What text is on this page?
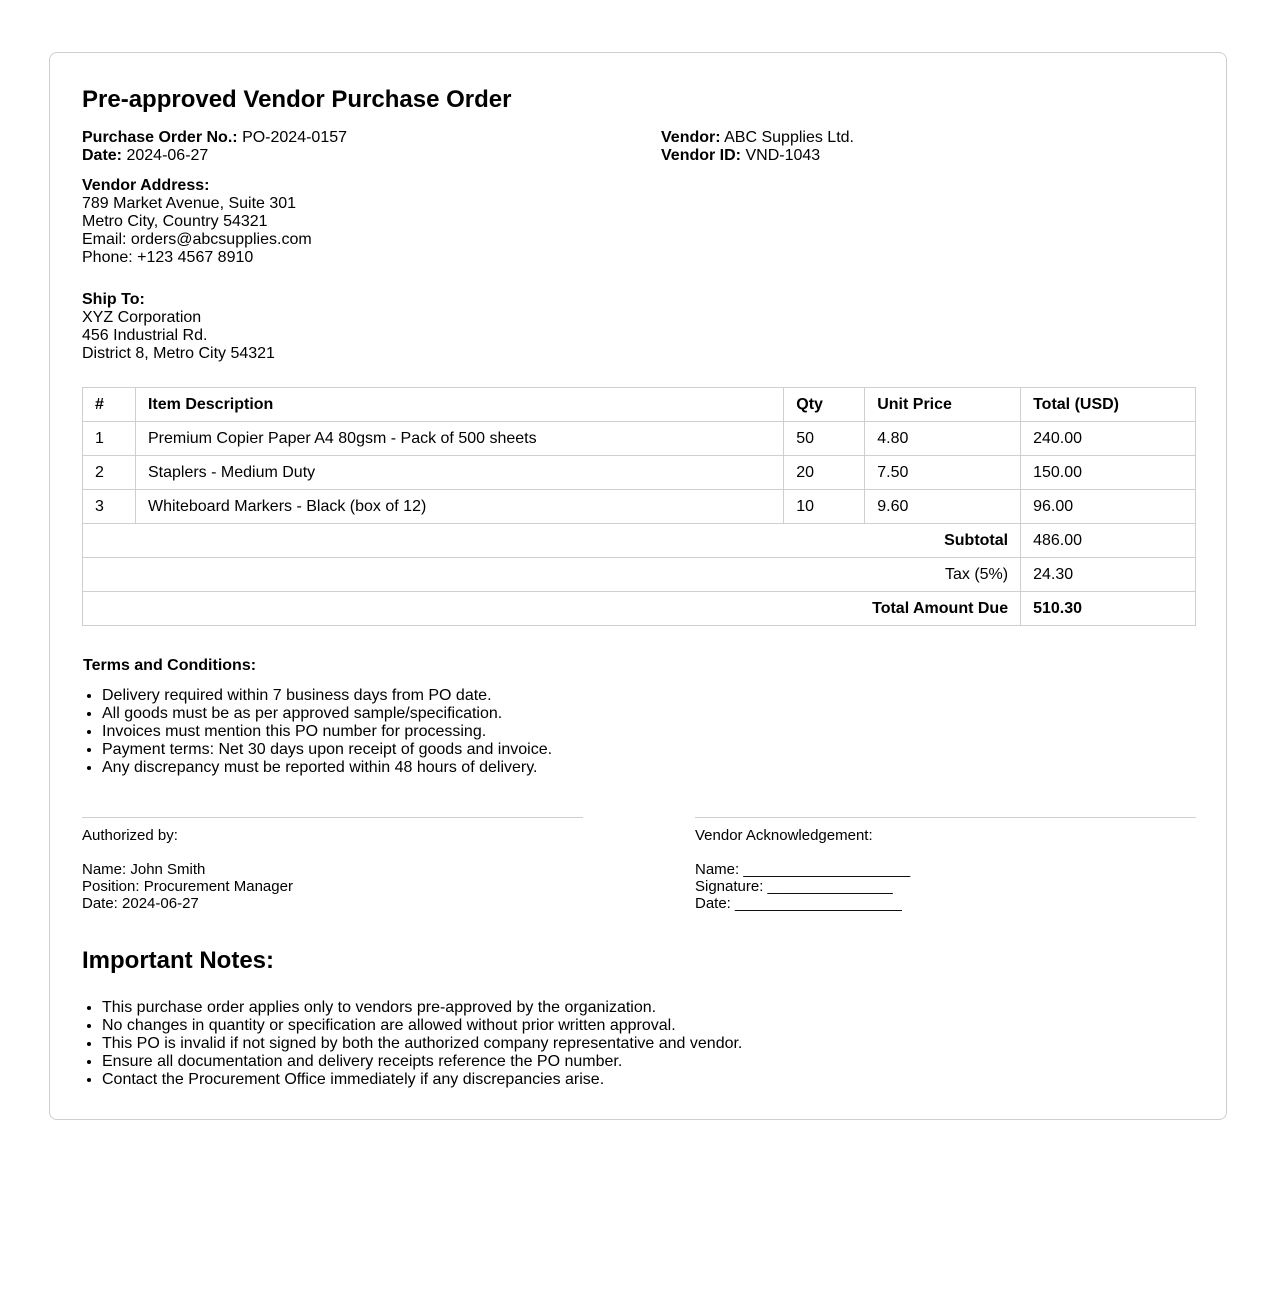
Pre-approved Vendor Purchase Order
Purchase Order No.: PO-2024-0157
Date: 2024-06-27
Vendor: ABC Supplies Ltd.
Vendor ID: VND-1043
Vendor Address:
789 Market Avenue, Suite 301
Metro City, Country 54321
Email: orders@abcsupplies.com
Phone: +123 4567 8910
Ship To:
XYZ Corporation
456 Industrial Rd.
District 8, Metro City 54321
#	Item Description	Qty	Unit Price	Total (USD)
1	Premium Copier Paper A4 80gsm - Pack of 500 sheets	50	4.80	240.00
2	Staplers - Medium Duty	20	7.50	150.00
3	Whiteboard Markers - Black (box of 12)	10	9.60	96.00
Subtotal				486.00
Tax (5%)				24.30
Total Amount Due				510.30
Terms and Conditions:
• Delivery required within 7 business days from PO date.
• All goods must be as per approved sample/specification.
• Invoices must mention this PO number for processing.
• Payment terms: Net 30 days upon receipt of goods and invoice.
• Any discrepancy must be reported within 48 hours of delivery.
Authorized by:
Name: John Smith
Position: Procurement Manager
Date: 2024-06-27
Vendor Acknowledgement:
Name: ____________________
Signature: _______________
Date: ____________________
Important Notes:
• This purchase order applies only to vendors pre-approved by the organization.
• No changes in quantity or specification are allowed without prior written approval.
• This PO is invalid if not signed by both the authorized company representative and vendor.
• Ensure all documentation and delivery receipts reference the PO number.
• Contact the Procurement Office immediately if any discrepancies arise.
